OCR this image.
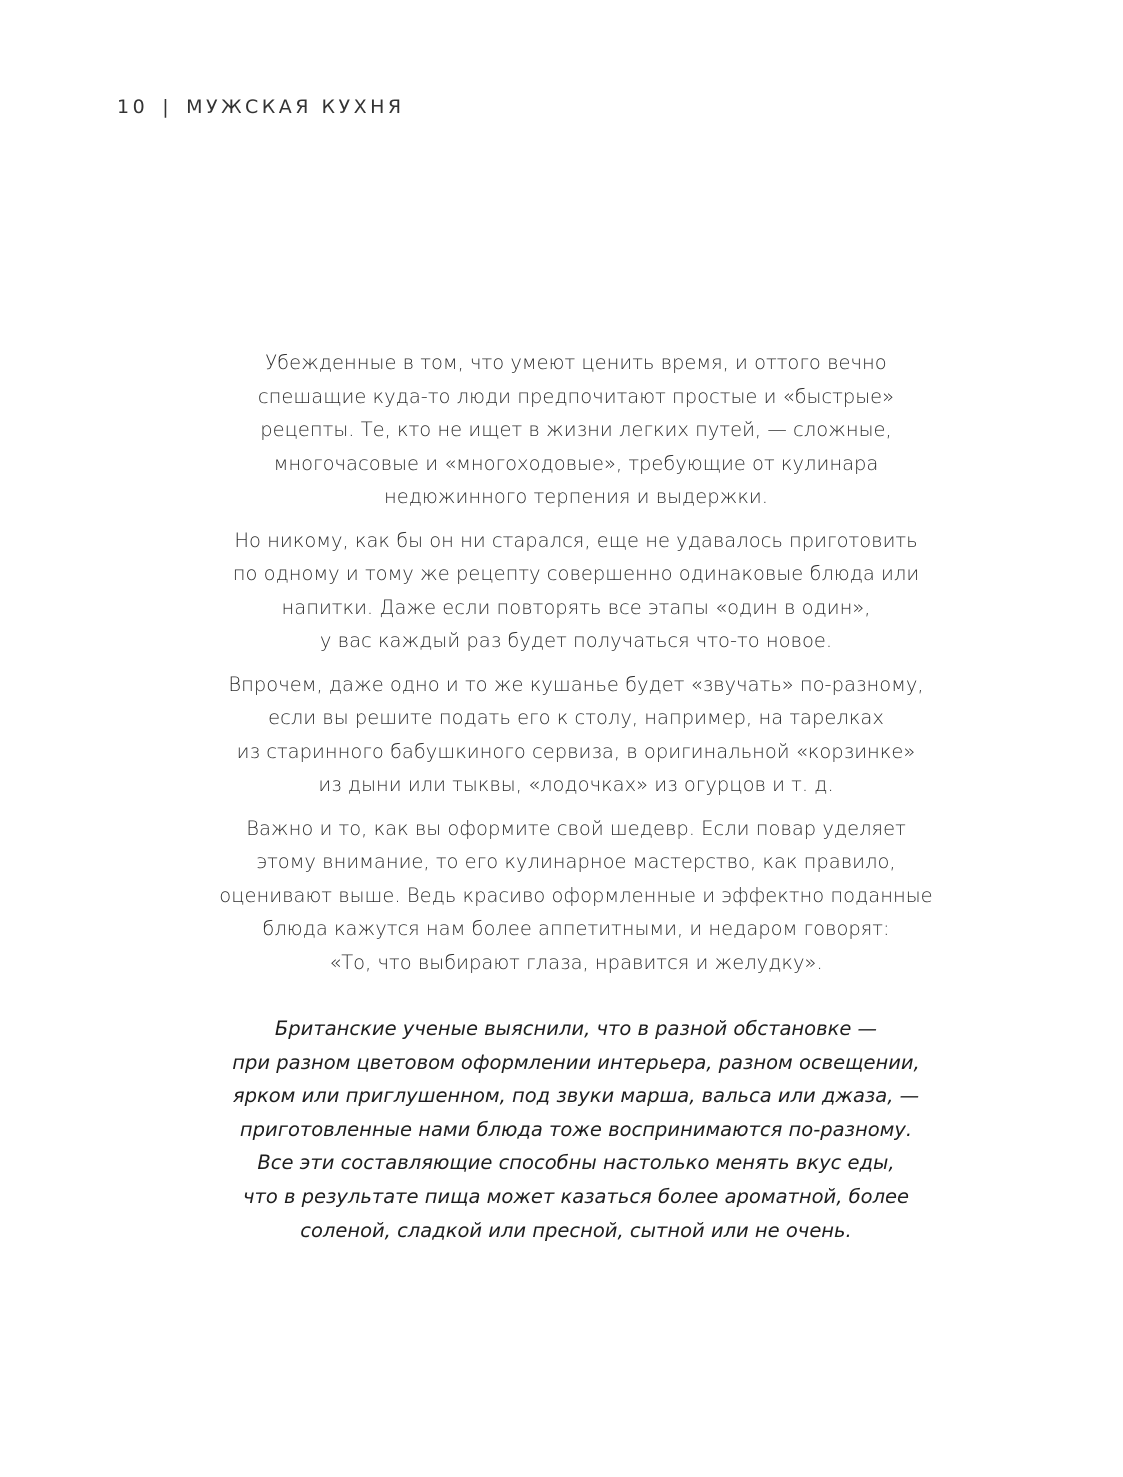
10 | МУЖСКАЯ КУХНЯ
Убежденные в том, что умеют ценить время, и оттого вечно
спешащие куда-то люди предпочитают простые и «быстрые»
рецепты. Те, кто не ищет в жизни легких путей, — сложные,
многочасовые и «многоходовые», требующие от кулинара
недюжинного терпения и выдержки.
Но никому, как бы он ни старался, еще не удавалось приготовить
по одному и тому же рецепту совершенно одинаковые блюда или
напитки. Даже если повторять все этапы «один в один»,
у вас каждый раз будет получаться что-то новое.
Впрочем, даже одно и то же кушанье будет «звучать» по-разному,
если вы решите подать его к столу, например, на тарелках
из старинного бабушкиного сервиза, в оригинальной «корзинке»
из дыни или тыквы, «лодочках» из огурцов и т. д.
Важно и то, как вы оформите свой шедевр. Если повар уделяет
этому внимание, то его кулинарное мастерство, как правило,
оценивают выше. Ведь красиво оформленные и эффектно поданные
блюда кажутся нам более аппетитными, и недаром говорят:
«То, что выбирают глаза, нравится и желудку».
Британские ученые выяснили, что в разной обстановке —
при разном цветовом оформлении интерьера, разном освещении,
ярком или приглушенном, под звуки марша, вальса или джаза, —
приготовленные нами блюда тоже воспринимаются по-разному.
Все эти составляющие способны настолько менять вкус еды,
что в результате пища может казаться более ароматной, более
соленой, сладкой или пресной, сытной или не очень.
